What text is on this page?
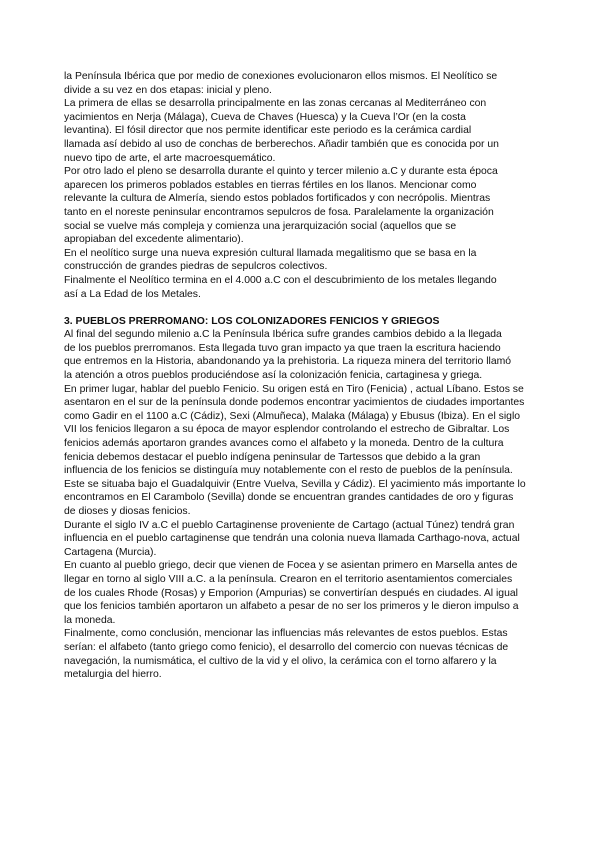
la Península Ibérica que por medio de conexiones evolucionaron ellos mismos. El Neolítico se
divide a su vez en dos etapas: inicial y pleno.

La primera de ellas se desarrolla principalmente en las zonas cercanas al Mediterráneo con
yacimientos en Nerja (Málaga), Cueva de Chaves (Huesca) y la Cueva l’Or (en la costa
levantina). El fósil director que nos permite identificar este periodo es la cerámica cardial
llamada así debido al uso de conchas de berberechos. Añadir también que es conocida por un
nuevo tipo de arte, el arte macroesquemático.

Por otro lado el pleno se desarrolla durante el quinto y tercer milenio a.C y durante esta época
aparecen los primeros poblados estables en tierras fértiles en los llanos. Mencionar como
relevante la cultura de Almería, siendo estos poblados fortificados y con necrópolis. Mientras
tanto en el noreste peninsular encontramos sepulcros de fosa. Paralelamente la organización
social se vuelve más compleja y comienza una jerarquización social (aquellos que se
apropiaban del excedente alimentario).

En el neolítico surge una nueva expresión cultural llamada megalitismo que se basa en la
construcción de grandes piedras de sepulcros colectivos.

Finalmente el Neolítico termina en el 4.000 a.C con el descubrimiento de los metales llegando
así a La Edad de los Metales.

3. PUEBLOS PRERROMANO: LOS COLONIZADORES FENICIOS Y GRIEGOS

Al final del segundo milenio a.C la Península Ibérica sufre grandes cambios debido a la llegada
de los pueblos prerromanos. Esta llegada tuvo gran impacto ya que traen la escritura haciendo
que entremos en la Historia, abandonando ya la prehistoria. La riqueza minera del territorio llamó
la atención a otros pueblos produciéndose así la colonización fenicia, cartaginesa y griega.

En primer lugar, hablar del pueblo Fenicio. Su origen está en Tiro (Fenicia) , actual Líbano. Estos se
asentaron en el sur de la península donde podemos encontrar yacimientos de ciudades importantes
como Gadir en el 1100 a.C (Cádiz), Sexi (Almuñeca), Malaka (Málaga) y Ebusus (Ibiza). En el siglo
VII los fenicios llegaron a su época de mayor esplendor controlando el estrecho de Gibraltar. Los
fenicios además aportaron grandes avances como el alfabeto y la moneda. Dentro de la cultura
fenicia debemos destacar el pueblo indígena peninsular de Tartessos que debido a la gran
influencia de los fenicios se distinguía muy notablemente con el resto de pueblos de la península.
Este se situaba bajo el Guadalquivir (Entre Vuelva, Sevilla y Cádiz). El yacimiento más importante lo
encontramos en El Carambolo (Sevilla) donde se encuentran grandes cantidades de oro y figuras
de dioses y diosas fenicios.

Durante el siglo IV a.C el pueblo Cartaginense proveniente de Cartago (actual Túnez) tendrá gran
influencia en el pueblo cartaginense que tendrán una colonia nueva llamada Carthago-nova, actual
Cartagena (Murcia).

En cuanto al pueblo griego, decir que vienen de Focea y se asientan primero en Marsella antes de
llegar en torno al siglo VIII a.C. a la península. Crearon en el territorio asentamientos comerciales
de los cuales Rhode (Rosas) y Emporion (Ampurias) se convertirían después en ciudades. Al igual
que los fenicios también aportaron un alfabeto a pesar de no ser los primeros y le dieron impulso a
la moneda.

Finalmente, como conclusión, mencionar las influencias más relevantes de estos pueblos. Estas
serían: el alfabeto (tanto griego como fenicio), el desarrollo del comercio con nuevas técnicas de
navegación, la numismática, el cultivo de la vid y el olivo, la cerámica con el torno alfarero y la
metalurgia del hierro.
